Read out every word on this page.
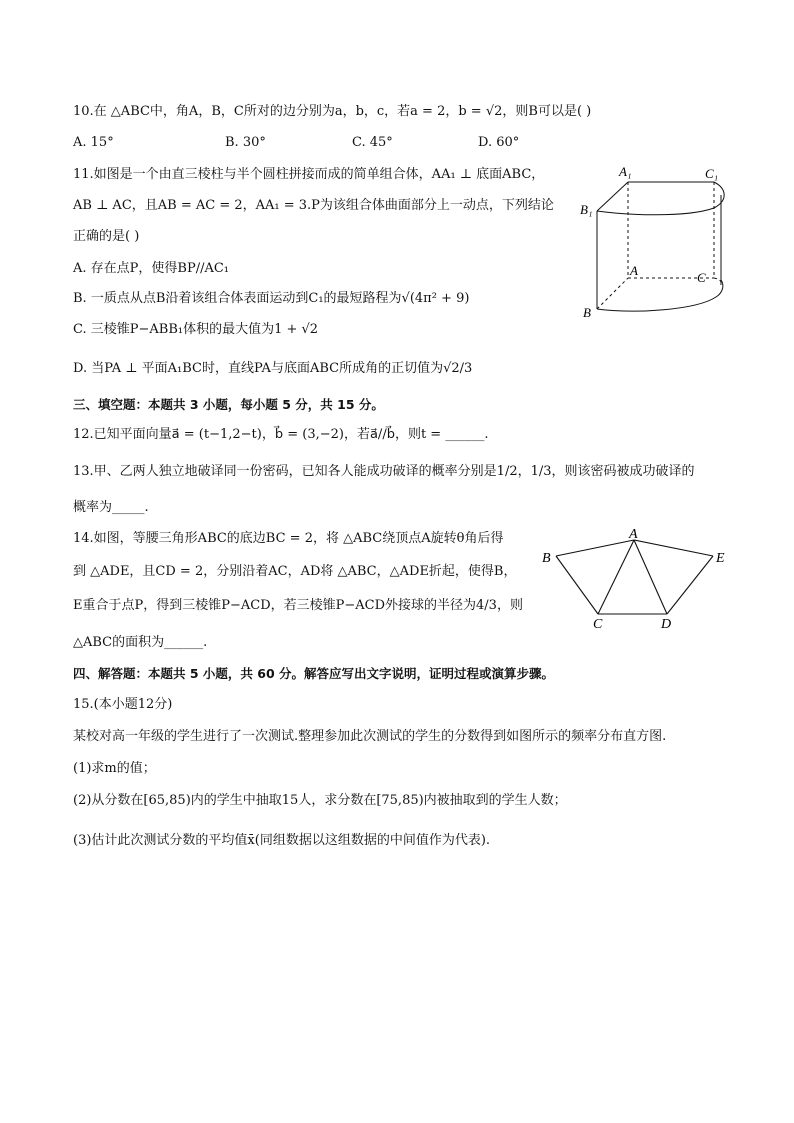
10.在 △ABC中，角A，B，C所对的边分别为a，b，c，若a = 2，b = √2，则B可以是( )
A. 15°	B. 30°	C. 45°	D. 60°
11.如图是一个由直三棱柱与半个圆柱拼接而成的简单组合体，AA₁ ⊥ 底面ABC，
AB ⊥ AC，且AB = AC = 2，AA₁ = 3.P为该组合体曲面部分上一动点，下列结论
正确的是( )
A. 存在点P，使得BP//AC₁
B. 一质点从点B沿着该组合体表面运动到C₁的最短路程为√(4π² + 9)
C. 三棱锥P−ABB₁体积的最大值为1 + √2
D. 当PA ⊥ 平面A₁BC时，直线PA与底面ABC所成角的正切值为√2/3
A₁	C₁
B₁
A	C
B
三、填空题：本题共 3 小题，每小题 5 分，共 15 分。
12.已知平面向量a⃗ = (t−1,2−t)，b⃗ = (3,−2)，若a⃗//b⃗，则t = ______.
13.甲、乙两人独立地破译同一份密码，已知各人能成功破译的概率分别是1/2，1/3，则该密码被成功破译的
概率为_____.
14.如图，等腰三角形ABC的底边BC = 2，将 △ABC绕顶点A旋转θ角后得
到 △ADE，且CD = 2，分别沿着AC，AD将 △ABC，△ADE折起，使得B，
E重合于点P，得到三棱锥P−ACD，若三棱锥P−ACD外接球的半径为4/3，则
△ABC的面积为______.
A
B
C	D
E
四、解答题：本题共 5 小题，共 60 分。解答应写出文字说明，证明过程或演算步骤。
15.(本小题12分)
某校对高一年级的学生进行了一次测试.整理参加此次测试的学生的分数得到如图所示的频率分布直方图.
(1)求m的值；
(2)从分数在[65,85)内的学生中抽取15人，求分数在[75,85)内被抽取到的学生人数；
(3)估计此次测试分数的平均值x̄(同组数据以这组数据的中间值作为代表).
